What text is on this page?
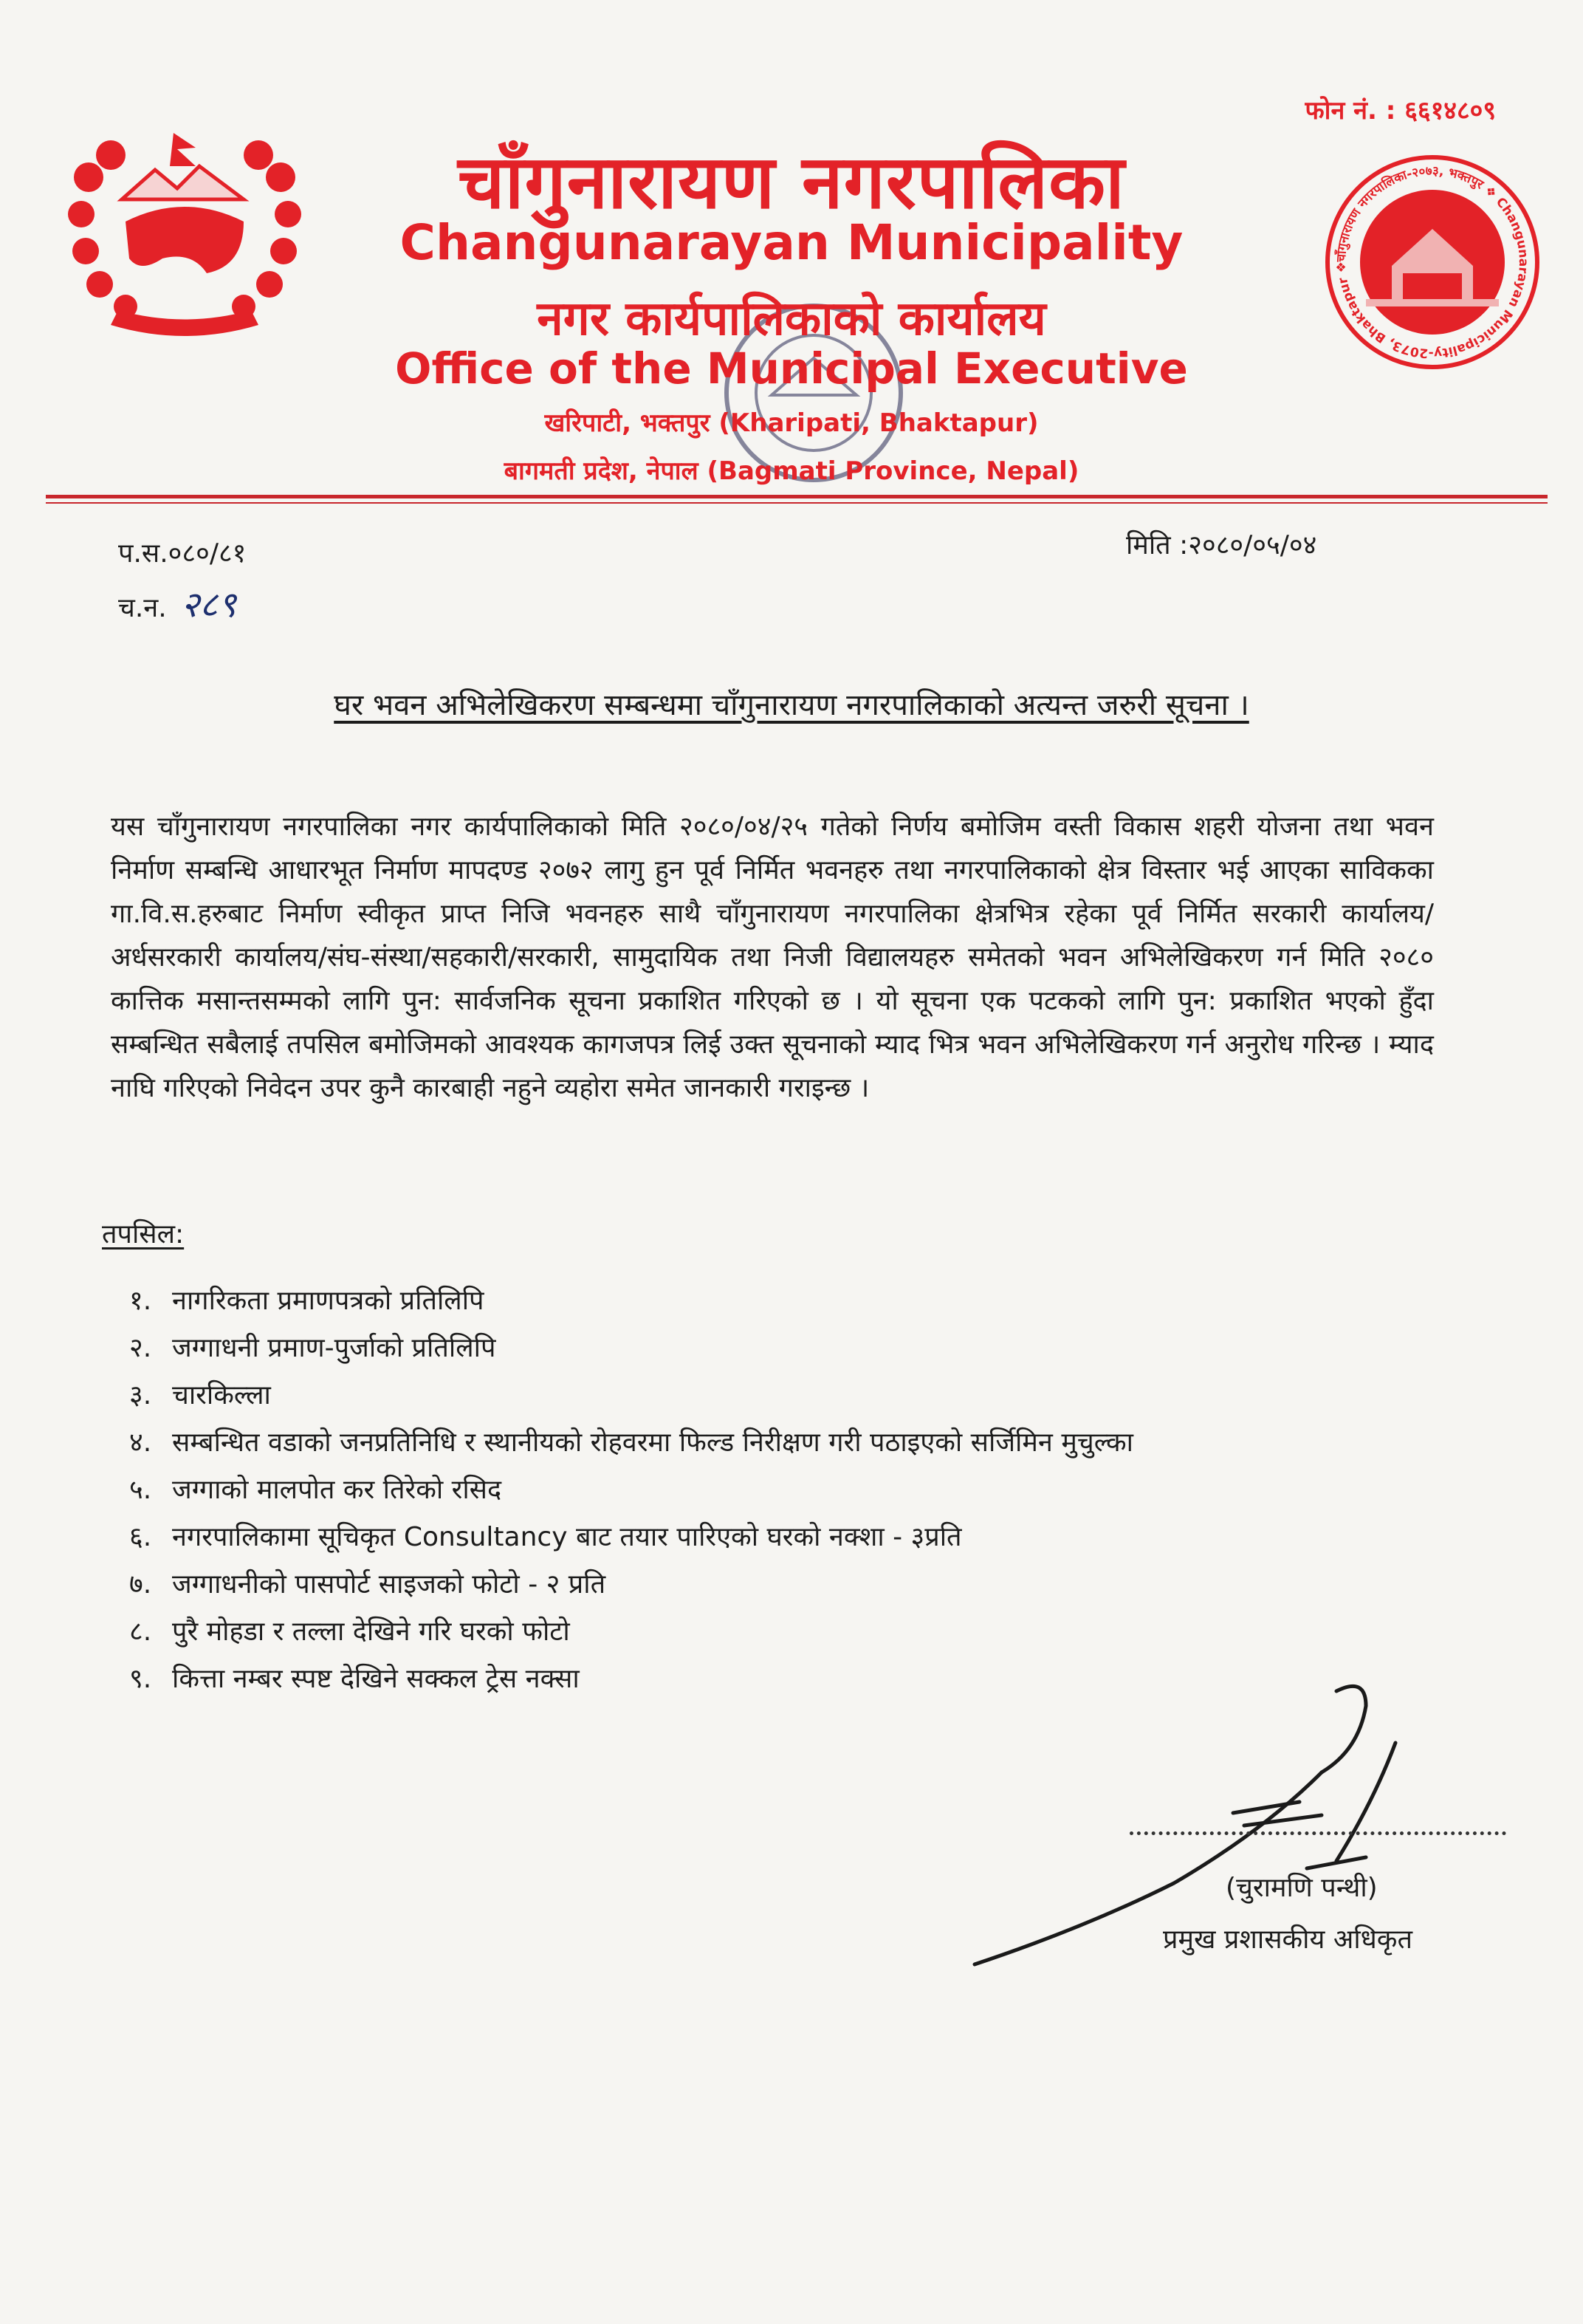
चाँगुनारायण नगरपालिका-२०७३, भक्तपुर ❖ Changunarayan Municipality-2073, Bhaktapur ❖
फोन नं. : ६६१४८०९
चाँगुनारायण नगरपालिका
Changunarayan Municipality
नगर कार्यपालिकाको कार्यालय
Office of the Municipal Executive
खरिपाटी, भक्तपुर (Kharipati, Bhaktapur)
बागमती प्रदेश, नेपाल (Bagmati Province, Nepal)
प.स.०८०/८१
च.न. २८९
मिति :२०८०/०५/०४
घर भवन अभिलेखिकरण सम्बन्धमा चाँगुनारायण नगरपालिकाको अत्यन्त जरुरी सूचना ।
यस चाँगुनारायण नगरपालिका नगर कार्यपालिकाको मिति २०८०/०४/२५ गतेको निर्णय बमोजिम वस्ती विकास शहरी योजना तथा भवन निर्माण सम्बन्धि आधारभूत निर्माण मापदण्ड २०७२ लागु हुन पूर्व निर्मित भवनहरु तथा नगरपालिकाको क्षेत्र विस्तार भई आएका साविकका गा.वि.स.हरुबाट निर्माण स्वीकृत प्राप्त निजि भवनहरु साथै चाँगुनारायण नगरपालिका क्षेत्रभित्र रहेका पूर्व निर्मित सरकारी कार्यालय/अर्धसरकारी कार्यालय/संघ-संस्था/सहकारी/सरकारी, सामुदायिक तथा निजी विद्यालयहरु समेतको भवन अभिलेखिकरण गर्न मिति २०८० कात्तिक मसान्तसम्मको लागि पुन: सार्वजनिक सूचना प्रकाशित गरिएको छ । यो सूचना एक पटकको लागि पुन: प्रकाशित भएको हुँदा सम्बन्धित सबैलाई तपसिल बमोजिमको आवश्यक कागजपत्र लिई उक्त सूचनाको म्याद भित्र भवन अभिलेखिकरण गर्न अनुरोध गरिन्छ । म्याद नाघि गरिएको निवेदन उपर कुनै कारबाही नहुने व्यहोरा समेत जानकारी गराइन्छ ।
तपसिल:
१. नागरिकता प्रमाणपत्रको प्रतिलिपि
२. जग्गाधनी प्रमाण-पुर्जाको प्रतिलिपि
३. चारकिल्ला
४. सम्बन्धित वडाको जनप्रतिनिधि र स्थानीयको रोहवरमा फिल्ड निरीक्षण गरी पठाइएको सर्जिमिन मुचुल्का
५. जग्गाको मालपोत कर तिरेको रसिद
६. नगरपालिकामा सूचिकृत Consultancy बाट तयार पारिएको घरको नक्शा - ३प्रति
७. जग्गाधनीको पासपोर्ट साइजको फोटो - २ प्रति
८. पुरै मोहडा र तल्ला देखिने गरि घरको फोटो
९. कित्ता नम्बर स्पष्ट देखिने सक्कल ट्रेस नक्सा
(चुरामणि पन्थी)
प्रमुख प्रशासकीय अधिकृत
